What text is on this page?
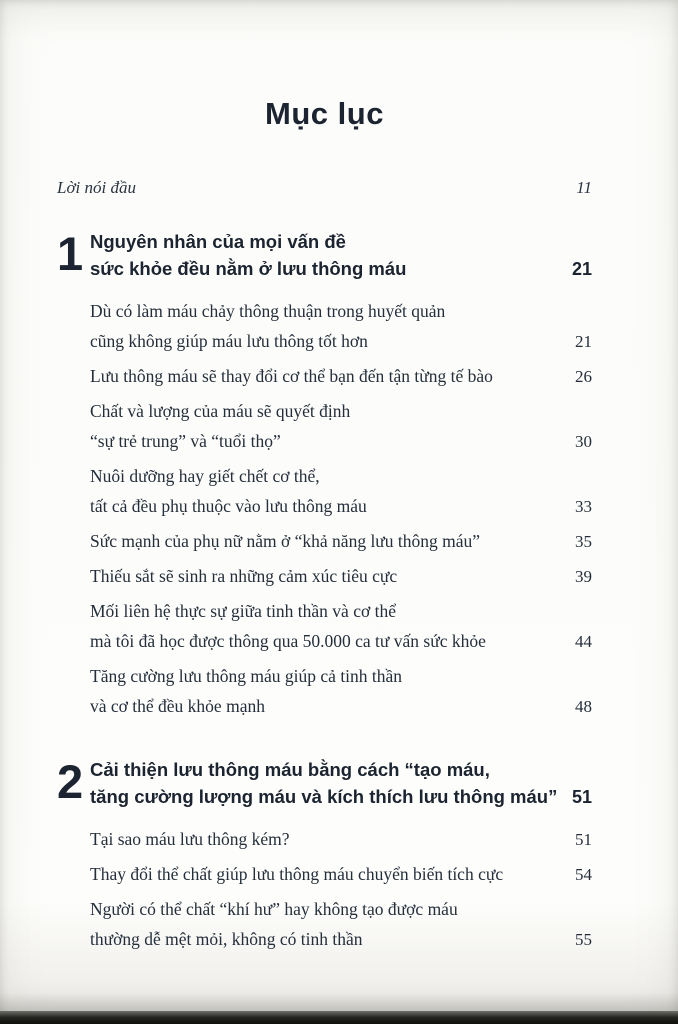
Mục lục
Lời nói đầu	11
1 Nguyên nhân của mọi vấn đề
sức khỏe đều nằm ở lưu thông máu	21
Dù có làm máu chảy thông thuận trong huyết quản
cũng không giúp máu lưu thông tốt hơn	21
Lưu thông máu sẽ thay đổi cơ thể bạn đến tận từng tế bào	26
Chất và lượng của máu sẽ quyết định
“sự trẻ trung” và “tuổi thọ”	30
Nuôi dưỡng hay giết chết cơ thể,
tất cả đều phụ thuộc vào lưu thông máu	33
Sức mạnh của phụ nữ nằm ở “khả năng lưu thông máu”	35
Thiếu sắt sẽ sinh ra những cảm xúc tiêu cực	39
Mối liên hệ thực sự giữa tinh thần và cơ thể
mà tôi đã học được thông qua 50.000 ca tư vấn sức khỏe	44
Tăng cường lưu thông máu giúp cả tinh thần
và cơ thể đều khỏe mạnh	48
2 Cải thiện lưu thông máu bằng cách “tạo máu,
tăng cường lượng máu và kích thích lưu thông máu” 51
Tại sao máu lưu thông kém?	51
Thay đổi thể chất giúp lưu thông máu chuyển biến tích cực	54
Người có thể chất “khí hư” hay không tạo được máu
thường dễ mệt mỏi, không có tinh thần	55
